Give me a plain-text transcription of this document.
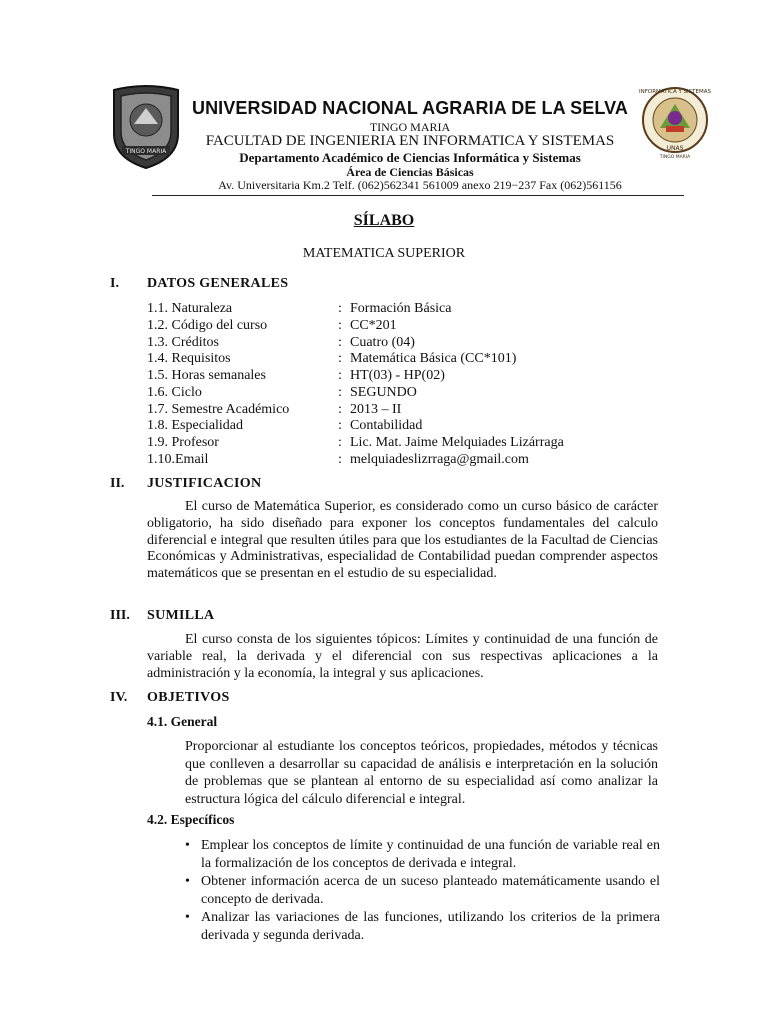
TINGO MARIA
INFORMATICA Y SISTEMAS
UNAS
TINGO MARIA
UNIVERSIDAD NACIONAL AGRARIA DE LA SELVA
TINGO MARIA
FACULTAD DE INGENIERIA EN INFORMATICA Y SISTEMAS
Departamento Académico de Ciencias Informática y Sistemas
Área de Ciencias Básicas
Av. Universitaria Km.2 Telf. (062)562341 561009 anexo 219−237 Fax (062)561156
SÍLABO
MATEMATICA SUPERIOR
I. DATOS GENERALES
1.1. Naturaleza	: Formación Básica
1.2. Código del curso	: CC*201
1.3. Créditos	: Cuatro (04)
1.4. Requisitos	: Matemática Básica (CC*101)
1.5. Horas semanales	: HT(03) - HP(02)
1.6. Ciclo	: SEGUNDO
1.7. Semestre Académico	: 2013 – II
1.8. Especialidad	: Contabilidad
1.9. Profesor	: Lic. Mat. Jaime Melquiades Lizárraga
1.10.Email	: melquiadeslizrraga@gmail.com
II. JUSTIFICACION

El curso de Matemática Superior, es considerado como un curso básico de carácter obligatorio, ha sido diseñado para exponer los conceptos fundamentales del calculo diferencial e integral que resulten útiles para que los estudiantes de la Facultad de Ciencias Económicas y Administrativas, especialidad de Contabilidad puedan comprender aspectos matemáticos que se presentan en el estudio de su especialidad.

III. SUMILLA

El curso consta de los siguientes tópicos: Límites y continuidad de una función de variable real, la derivada y el diferencial con sus respectivas aplicaciones a la administración y la economía, la integral y sus aplicaciones.

IV. OBJETIVOS
4.1. General
Proporcionar al estudiante los conceptos teóricos, propiedades, métodos y técnicas que conlleven a desarrollar su capacidad de análisis e interpretación en la solución de problemas que se plantean al entorno de su especialidad así como analizar la estructura lógica del cálculo diferencial e integral.
4.2. Específicos
• Emplear los conceptos de límite y continuidad de una función de variable real en la formalización de los conceptos de derivada e integral.
• Obtener información acerca de un suceso planteado matemáticamente usando el concepto de derivada.
• Analizar las variaciones de las funciones, utilizando los criterios de la primera derivada y segunda derivada.
